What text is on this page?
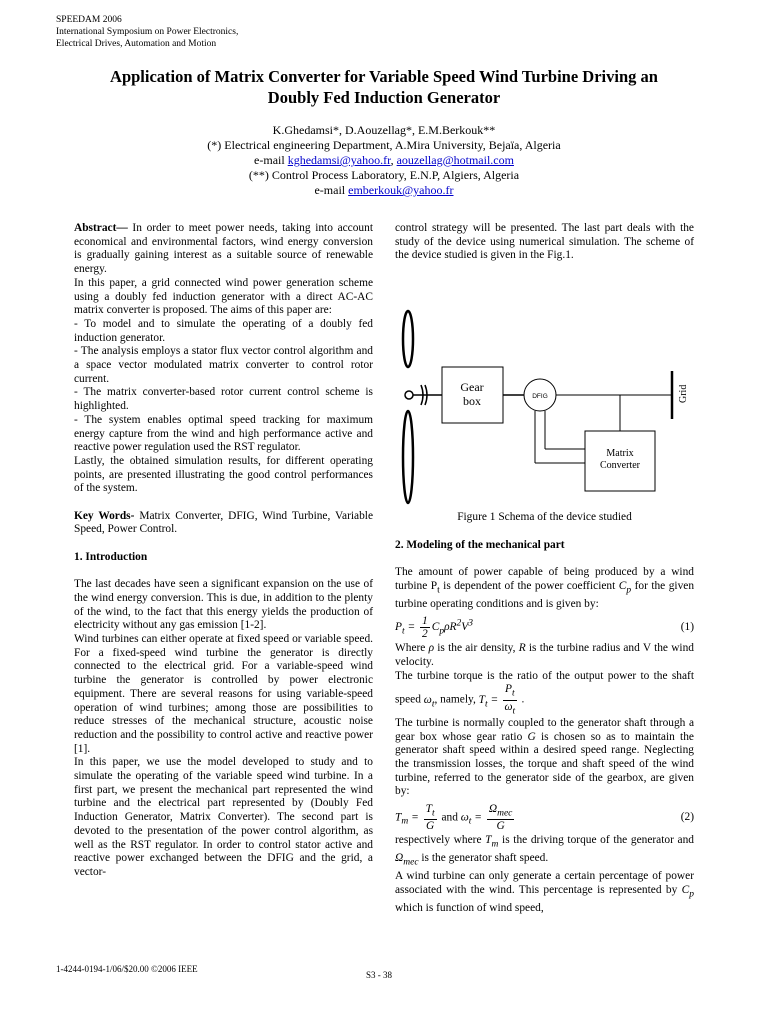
SPEEDAM 2006
International Symposium on Power Electronics,
Electrical Drives, Automation and Motion
Application of Matrix Converter for Variable Speed Wind Turbine Driving an
Doubly Fed Induction Generator
K.Ghedamsi*, D.Aouzellag*, E.M.Berkouk**
(*) Electrical engineering Department, A.Mira University, Bejaïa, Algeria
e-mail kghedamsi@yahoo.fr, aouzellag@hotmail.com
(**) Control Process Laboratory, E.N.P, Algiers, Algeria
e-mail emberkouk@yahoo.fr

Abstract— In order to meet power needs, taking into account economical and environmental factors, wind energy conversion is gradually gaining interest as a suitable source of renewable energy.

In this paper, a grid connected wind power generation scheme using a doubly fed induction generator with a direct AC-AC matrix converter is proposed. The aims of this paper are:

- To model and to simulate the operating of a doubly fed induction generator.

- The analysis employs a stator flux vector control algorithm and a space vector modulated matrix converter to control rotor current.

- The matrix converter-based rotor current control scheme is highlighted.

- The system enables optimal speed tracking for maximum energy capture from the wind and high performance active and reactive power regulation used the RST regulator.

Lastly, the obtained simulation results, for different operating points, are presented illustrating the good control performances of the system.

Key Words- Matrix Converter, DFIG, Wind Turbine, Variable Speed, Power Control.

1. Introduction

The last decades have seen a significant expansion on the use of the wind energy conversion. This is due, in addition to the plenty of the wind, to the fact that this energy yields the production of electricity without any gas emission [1-2].

Wind turbines can either operate at fixed speed or variable speed. For a fixed-speed wind turbine the generator is directly connected to the electrical grid. For a variable-speed wind turbine the generator is controlled by power electronic equipment. There are several reasons for using variable-speed operation of wind turbines; among those are possibilities to reduce stresses of the mechanical structure, acoustic noise reduction and the possibility to control active and reactive power [1].

In this paper, we use the model developed to study and to simulate the operating of the variable speed wind turbine. In a first part, we present the mechanical part represented the wind turbine and the electrical part represented by (Doubly Fed Induction Generator, Matrix Converter). The second part is devoted to the presentation of the power control algorithm, as well as the RST regulator. In order to control stator active and reactive power exchanged between the DFIG and the grid, a vector-

control strategy will be presented. The last part deals with the study of the device using numerical simulation. The scheme of the device studied is given in the Fig.1.

Gear
box	DFIG	Grid
Matrix
Converter

Figure 1 Schema of the device studied

2. Modeling of the mechanical part

The amount of power capable of being produced by a wind turbine $P_t$ is dependent of the power coefficient $C_p$ for the given turbine operating conditions and is given by:

$P_t = \frac{1}{2} C_p\rho R^2V^3$	(1)

Where ρ is the air density, R is the turbine radius and V the wind velocity.

The turbine torque is the ratio of the output power to the shaft speed $\omega_t$, namely, $T_t = \frac{P_t}{\omega_t}$ .

The turbine is normally coupled to the generator shaft through a gear box whose gear ratio G is chosen so as to maintain the generator shaft speed within a desired speed range. Neglecting the transmission losses, the torque and shaft speed of the wind turbine, referred to the generator side of the gearbox, are given by:

$T_m = \frac{T_t}{G}$ and $\omega_t = \frac{\Omega_{mec}}{G}$	(2)

respectively where $T_m$ is the driving torque of the generator and $\Omega_{mec}$ is the generator shaft speed.

A wind turbine can only generate a certain percentage of power associated with the wind. This percentage is represented by $C_p$ which is function of wind speed,

1-4244-0194-1/06/$20.00 ©2006 IEEE
S3 - 38
